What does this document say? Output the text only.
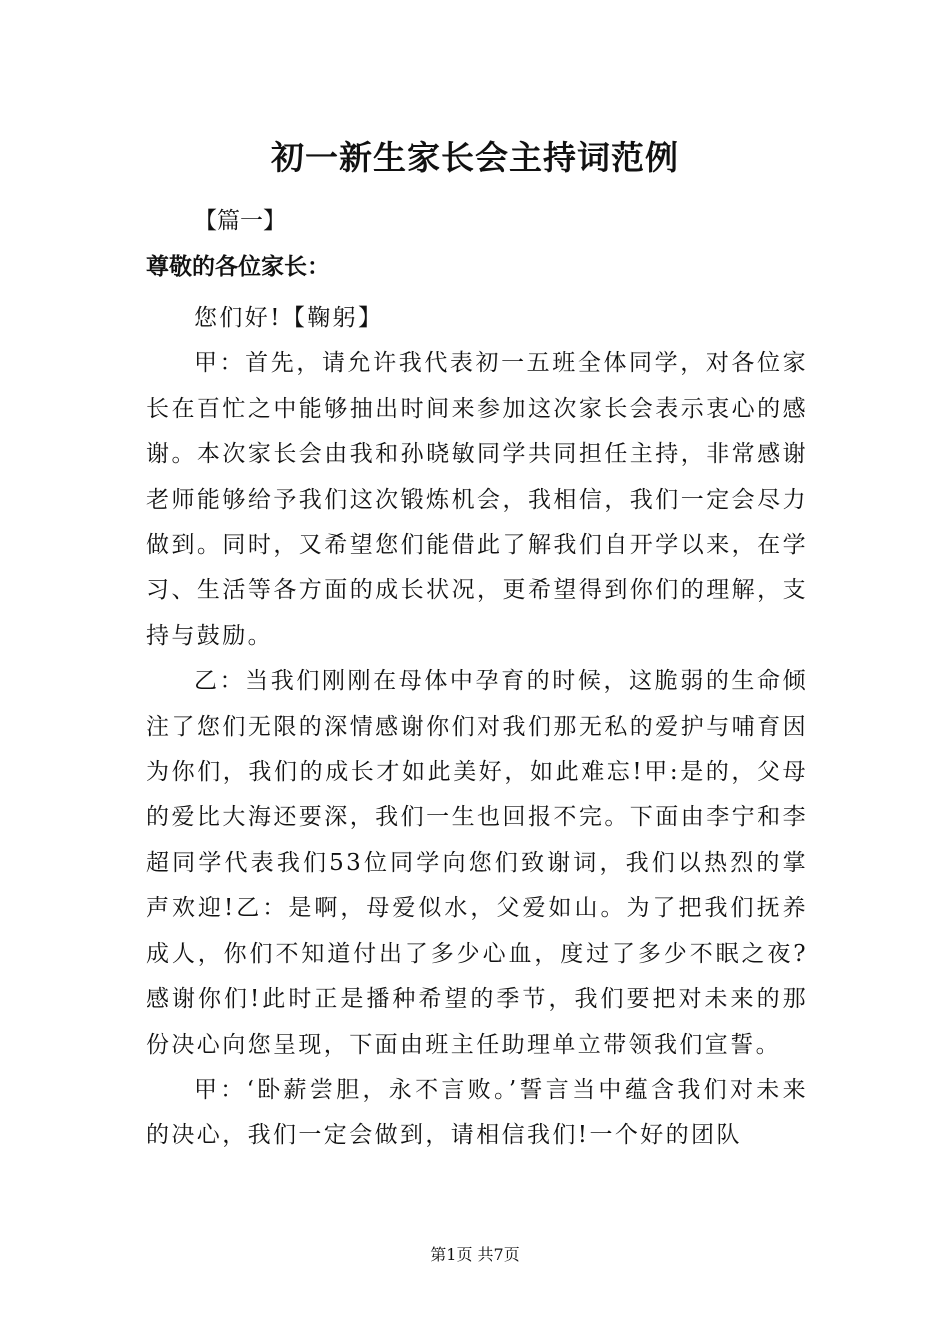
初一新生家长会主持词范例
【篇一】
尊敬的各位家长：

您们好!【鞠躬】

甲：首先，请允许我代表初一五班全体同学，对各位家长在百忙之中能够抽出时间来参加这次家长会表示衷心的感谢。本次家长会由我和孙晓敏同学共同担任主持，非常感谢老师能够给予我们这次锻炼机会，我相信，我们一定会尽力做到。同时，又希望您们能借此了解我们自开学以来，在学习、生活等各方面的成长状况，更希望得到你们的理解，支持与鼓励。

乙：当我们刚刚在母体中孕育的时候，这脆弱的生命倾注了您们无限的深情感谢你们对我们那无私的爱护与哺育因为你们，我们的成长才如此美好，如此难忘!甲:是的，父母的爱比大海还要深，我们一生也回报不完。下面由李宁和李超同学代表我们53位同学向您们致谢词，我们以热烈的掌声欢迎!乙：是啊，母爱似水，父爱如山。为了把我们抚养成人，你们不知道付出了多少心血，度过了多少不眠之夜?感谢你们!此时正是播种希望的季节，我们要把对未来的那份决心向您呈现，下面由班主任助理单立带领我们宣誓。

甲：‘卧薪尝胆，永不言败。’誓言当中蕴含我们对未来的决心，我们一定会做到，请相信我们!一个好的团队

第1页 共7页
